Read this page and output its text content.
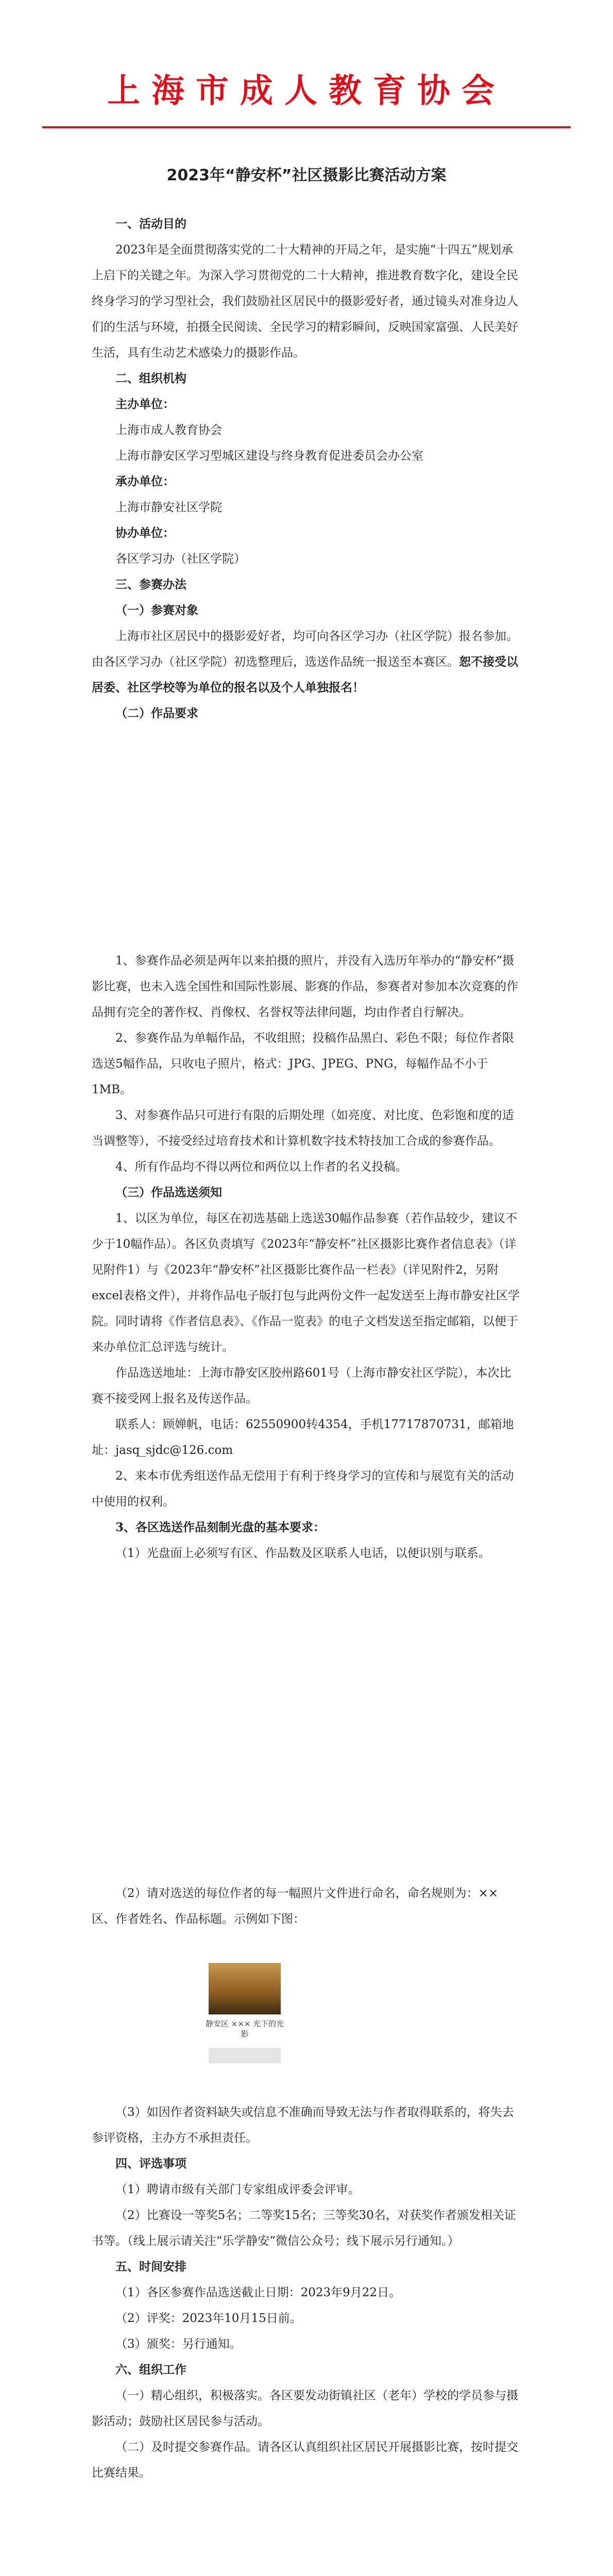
上海市成人教育协会
2023年“静安杯”社区摄影比赛活动方案

一、活动目的

2023年是全面贯彻落实党的二十大精神的开局之年，是实施“十四五”规划承上启下的关键之年。为深入学习贯彻党的二十大精神，推进教育数字化，建设全民终身学习的学习型社会，我们鼓励社区居民中的摄影爱好者，通过镜头对准身边人们的生活与环境，拍摄全民阅读、全民学习的精彩瞬间，反映国家富强、人民美好生活，具有生动艺术感染力的摄影作品。

二、组织机构

主办单位：

上海市成人教育协会

上海市静安区学习型城区建设与终身教育促进委员会办公室

承办单位：

上海市静安社区学院

协办单位：

各区学习办（社区学院）

三、参赛办法

（一）参赛对象

上海市社区居民中的摄影爱好者，均可向各区学习办（社区学院）报名参加。由各区学习办（社区学院）初选整理后，选送作品统一报送至本赛区。恕不接受以居委、社区学校等为单位的报名以及个人单独报名！

（二）作品要求

1、参赛作品必须是两年以来拍摄的照片，并没有入选历年举办的“静安杯”摄影比赛，也未入选全国性和国际性影展、影赛的作品，参赛者对参加本次竞赛的作品拥有完全的著作权、肖像权、名誉权等法律问题，均由作者自行解决。

2、参赛作品为单幅作品，不收组照；投稿作品黑白、彩色不限；每位作者限选送5幅作品，只收电子照片，格式：JPG、JPEG、PNG，每幅作品不小于1MB。

3、对参赛作品只可进行有限的后期处理（如亮度、对比度、色彩饱和度的适当调整等），不接受经过培育技术和计算机数字技术特技加工合成的参赛作品。

4、所有作品均不得以两位和两位以上作者的名义投稿。

（三）作品选送须知

1、以区为单位，每区在初选基础上选送30幅作品参赛（若作品较少，建议不少于10幅作品）。各区负责填写《2023年“静安杯”社区摄影比赛作者信息表》（详见附件1）与《2023年“静安杯”社区摄影比赛作品一栏表》（详见附件2，另附excel表格文件），并将作品电子版打包与此两份文件一起发送至上海市静安社区学院。同时请将《作者信息表》、《作品一览表》的电子文档发送至指定邮箱，以便于来办单位汇总评选与统计。

作品选送地址：上海市静安区胶州路601号（上海市静安社区学院），本次比赛不接受网上报名及传送作品。

联系人：顾婵帆，电话：62550900转4354，手机17717870731，邮箱地址：jasq_sjdc@126.com

2、来本市优秀组送作品无偿用于有利于终身学习的宣传和与展览有关的活动中使用的权利。

3、各区选送作品刻制光盘的基本要求：

（1）光盘面上必须写有区、作品数及区联系人电话，以便识别与联系。

（2）请对选送的每位作者的每一幅照片文件进行命名，命名规则为：××区、作者姓名、作品标题。示例如下图：

静安区 ××× 光下的光影

（3）如因作者资料缺失或信息不准确而导致无法与作者取得联系的，将失去参评资格，主办方不承担责任。

四、评选事项

（1）聘请市级有关部门专家组成评委会评审。

（2）比赛设一等奖5名；二等奖15名；三等奖30名，对获奖作者颁发相关证书等。（线上展示请关注“乐学静安”微信公众号；线下展示另行通知。）

五、时间安排

（1）各区参赛作品选送截止日期：2023年9月22日。

（2）评奖：2023年10月15日前。

（3）颁奖：另行通知。

六、组织工作

（一）精心组织，积极落实。各区要发动街镇社区（老年）学校的学员参与摄影活动；鼓励社区居民参与活动。

（二）及时提交参赛作品。请各区认真组织社区居民开展摄影比赛，按时提交比赛结果。
